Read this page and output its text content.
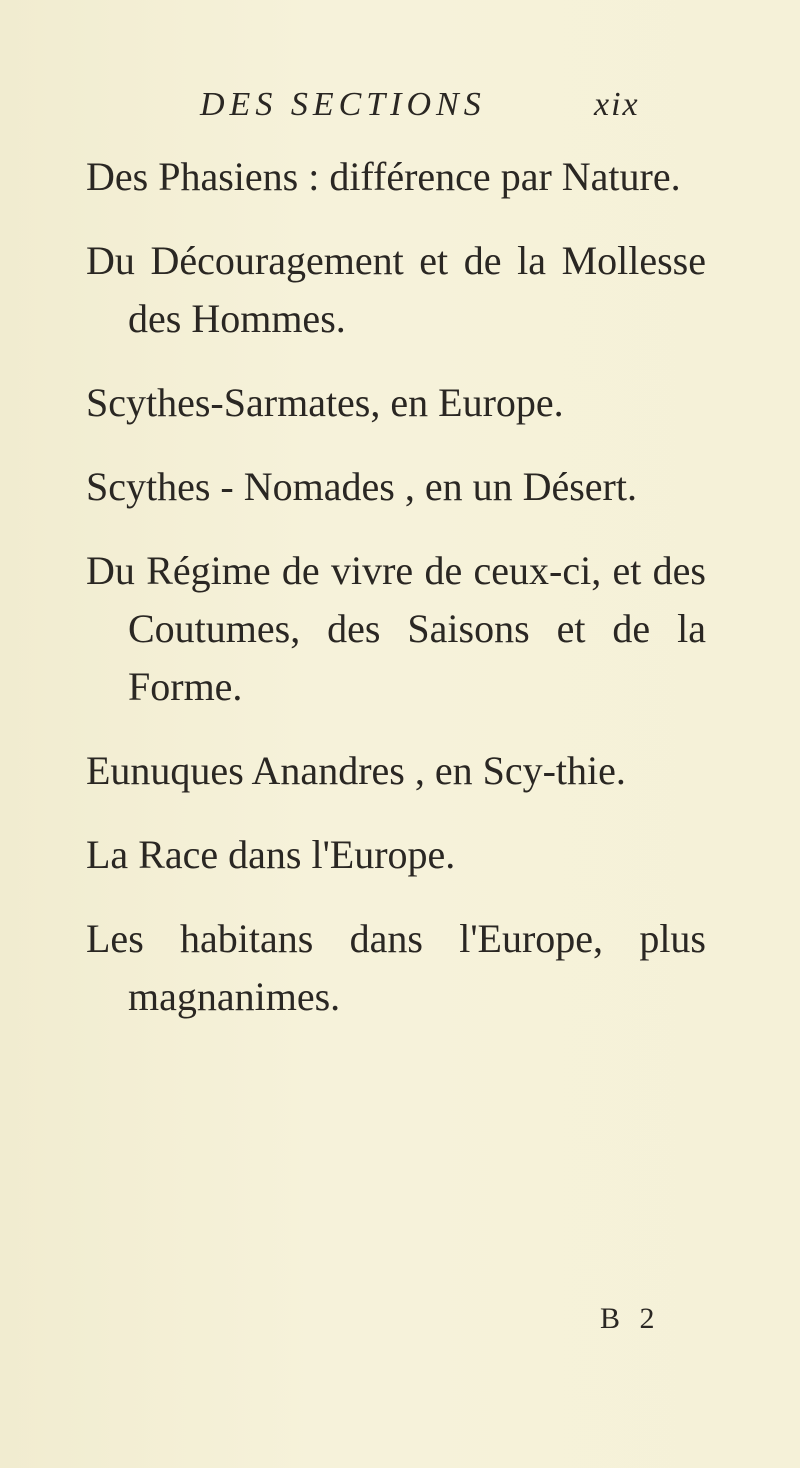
DES SECTIONS	xix

Des Phasiens : différence par Nature.

Du Découragement et de la Mollesse des Hommes.

Scythes-Sarmates, en Europe.

Scythes - Nomades , en un Désert.

Du Régime de vivre de ceux-ci, et des Coutumes, des Saisons et de la Forme.

Eunuques Anandres , en Scy-thie.

La Race dans l'Europe.

Les habitans dans l'Europe, plus magnanimes.

B 2
